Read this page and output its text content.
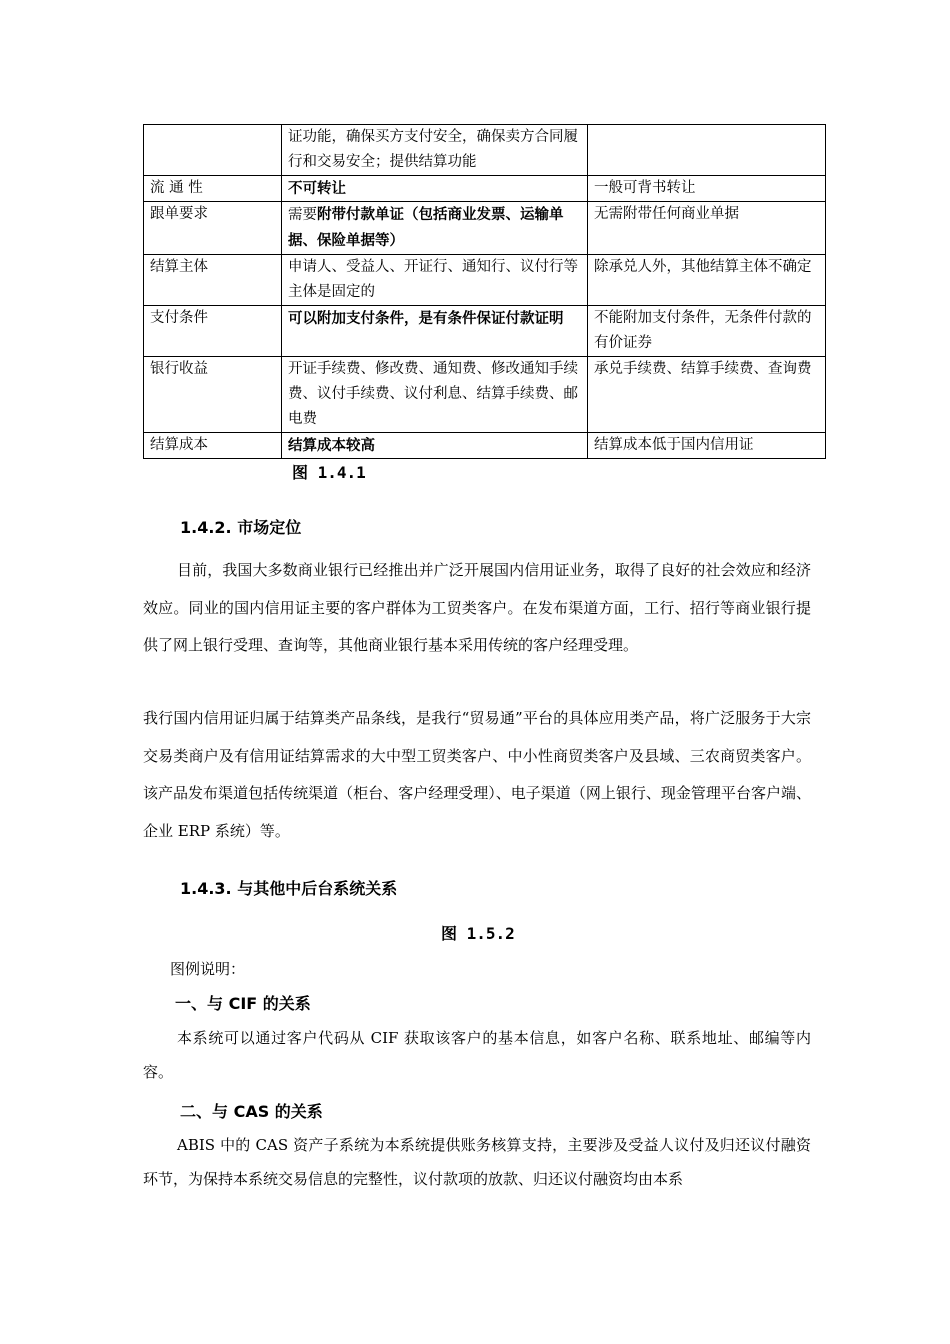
	证功能，确保买方支付安全，确保卖方合同履行和交易安全；提供结算功能	
流 通 性	不可转让	一般可背书转让
跟单要求	需要附带付款单证（包括商业发票、运输单据、保险单据等）	无需附带任何商业单据
结算主体	申请人、受益人、开证行、通知行、议付行等主体是固定的	除承兑人外，其他结算主体不确定
支付条件	可以附加支付条件，是有条件保证付款证明	不能附加支付条件，无条件付款的有价证券
银行收益	开证手续费、修改费、通知费、修改通知手续费、议付手续费、议付利息、结算手续费、邮电费	承兑手续费、结算手续费、查询费
结算成本	结算成本较高	结算成本低于国内信用证
图 1.4.1
1.4.2. 市场定位
目前，我国大多数商业银行已经推出并广泛开展国内信用证业务，取得了良好的社会效应和经济效应。同业的国内信用证主要的客户群体为工贸类客户。在发布渠道方面，工行、招行等商业银行提供了网上银行受理、查询等，其他商业银行基本采用传统的客户经理受理。
我行国内信用证归属于结算类产品条线，是我行“贸易通”平台的具体应用类产品，将广泛服务于大宗交易类商户及有信用证结算需求的大中型工贸类客户、中小性商贸类客户及县域、三农商贸类客户。该产品发布渠道包括传统渠道（柜台、客户经理受理）、电子渠道（网上银行、现金管理平台客户端、企业 ERP 系统）等。
1.4.3. 与其他中后台系统关系
图 1.5.2
图例说明：
一、与 CIF 的关系
本系统可以通过客户代码从 CIF 获取该客户的基本信息，如客户名称、联系地址、邮编等内容。
二、与 CAS 的关系
ABIS 中的 CAS 资产子系统为本系统提供账务核算支持，主要涉及受益人议付及归还议付融资环节，为保持本系统交易信息的完整性，议付款项的放款、归还议付融资均由本系
